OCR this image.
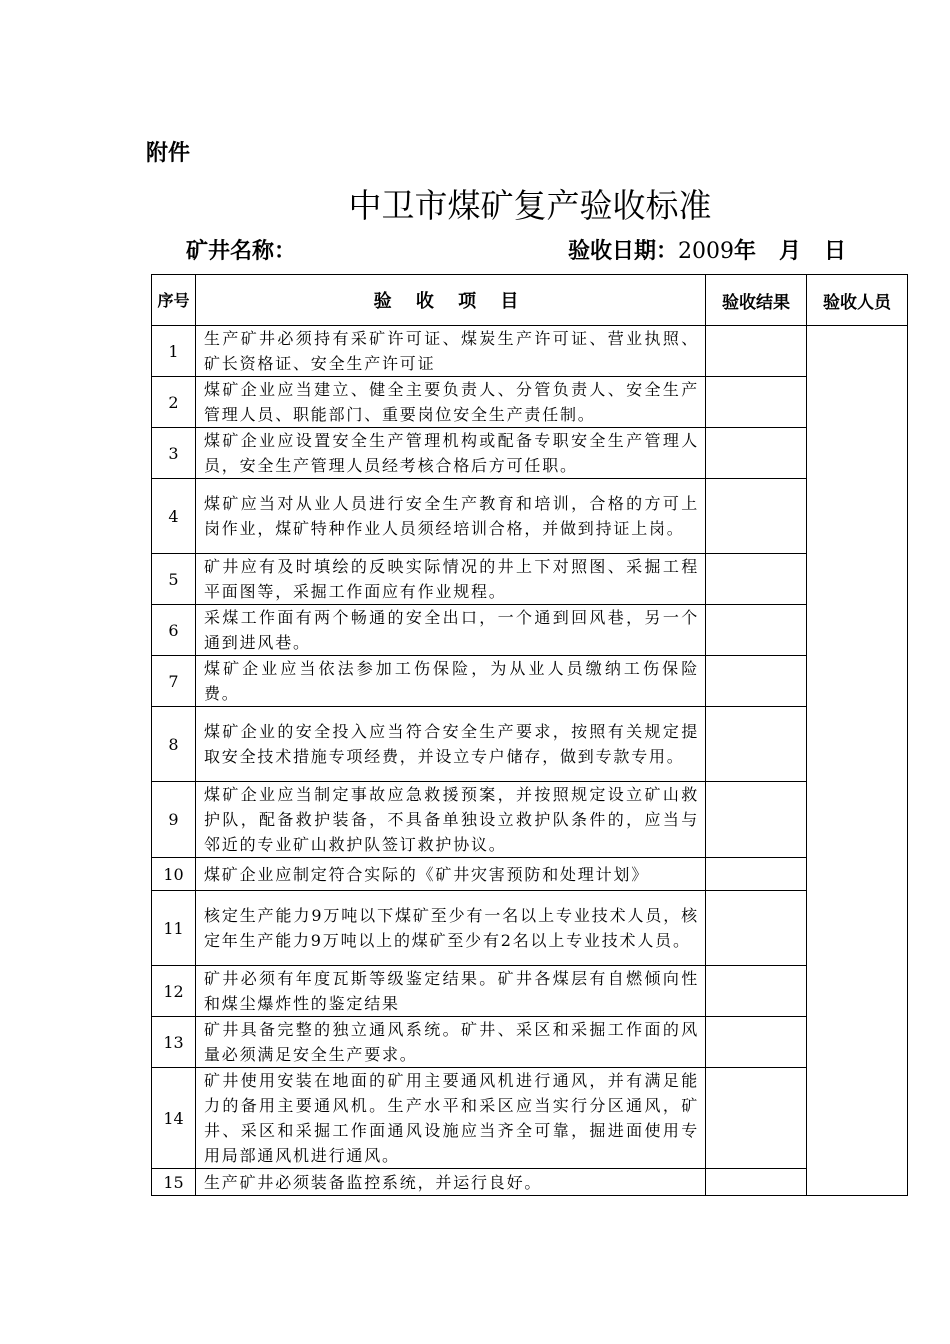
附件
中卫市煤矿复产验收标准
矿井名称：	验收日期：2009年 月 日
序号	验 收 项 目	验收结果	验收人员
1	生产矿井必须持有采矿许可证、煤炭生产许可证、营业执照、矿长资格证、安全生产许可证		
2	煤矿企业应当建立、健全主要负责人、分管负责人、安全生产管理人员、职能部门、重要岗位安全生产责任制。		
3	煤矿企业应设置安全生产管理机构或配备专职安全生产管理人员，安全生产管理人员经考核合格后方可任职。		
4	煤矿应当对从业人员进行安全生产教育和培训，合格的方可上岗作业，煤矿特种作业人员须经培训合格，并做到持证上岗。		
5	矿井应有及时填绘的反映实际情况的井上下对照图、采掘工程平面图等，采掘工作面应有作业规程。		
6	采煤工作面有两个畅通的安全出口，一个通到回风巷，另一个通到进风巷。		
7	煤矿企业应当依法参加工伤保险，为从业人员缴纳工伤保险费。		
8	煤矿企业的安全投入应当符合安全生产要求，按照有关规定提取安全技术措施专项经费，并设立专户储存，做到专款专用。		
9	煤矿企业应当制定事故应急救援预案，并按照规定设立矿山救护队，配备救护装备，不具备单独设立救护队条件的，应当与邻近的专业矿山救护队签订救护协议。		
10	煤矿企业应制定符合实际的《矿井灾害预防和处理计划》		
11	核定生产能力9万吨以下煤矿至少有一名以上专业技术人员，核定年生产能力9万吨以上的煤矿至少有2名以上专业技术人员。		
12	矿井必须有年度瓦斯等级鉴定结果。矿井各煤层有自燃倾向性和煤尘爆炸性的鉴定结果		
13	矿井具备完整的独立通风系统。矿井、采区和采掘工作面的风量必须满足安全生产要求。		
14	矿井使用安装在地面的矿用主要通风机进行通风，并有满足能力的备用主要通风机。生产水平和采区应当实行分区通风，矿井、采区和采掘工作面通风设施应当齐全可靠，掘进面使用专用局部通风机进行通风。		
15	生产矿井必须装备监控系统，并运行良好。		
